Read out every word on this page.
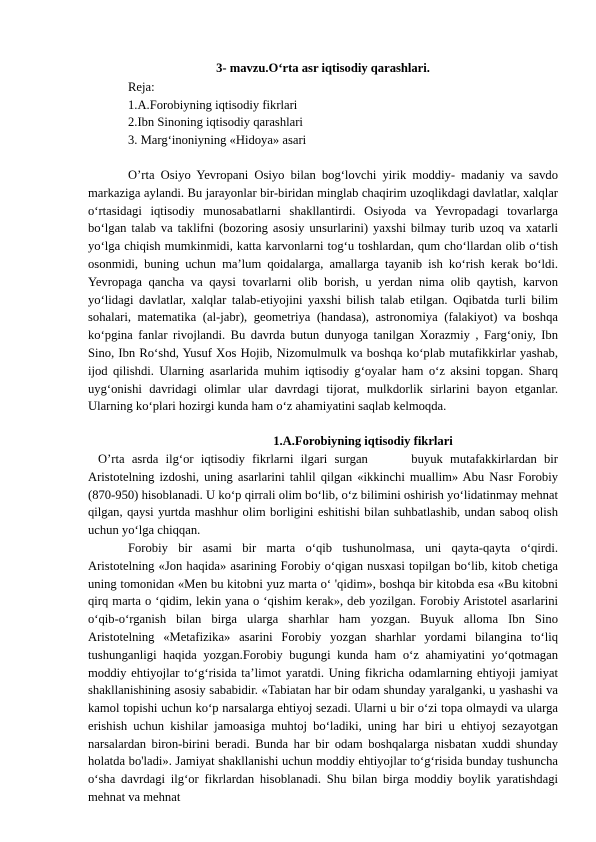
3- mavzu.O‘rta asr iqtisodiy qarashlari.
Reja:
1.A.Forobiyning iqtisodiy fikrlari
2.Ibn Sinoning iqtisodiy qarashlari
3. Marg‘inoniyning «Hidoya» asari

O’rta Osiyo Yevropani Osiyo bilan bog‘lovchi yirik moddiy- madaniy va savdo markaziga aylandi. Bu jarayonlar bir-biridan minglab chaqirim uzoqlikdagi davlatlar, xalqlar o‘rtasidagi iqtisodiy munosabatlarni shakllantirdi. Osiyoda va Yevropadagi tovarlarga bo‘lgan talab va taklifni (bozoring asosiy unsurlarini) yaxshi bilmay turib uzoq va xatarli yo‘lga chiqish mumkinmidi, katta karvonlarni tog‘u toshlardan, qum cho‘llardan olib o‘tish osonmidi, buning uchun ma’lum qoidalarga, amallarga tayanib ish ko‘rish kerak bo‘ldi. Yevropaga qancha va qaysi tovarlarni olib borish, u yerdan nima olib qaytish, karvon yo‘lidagi davlatlar, xalqlar talab-etiyojini yaxshi bilish talab etilgan. Oqibatda turli bilim sohalari, matematika (al-jabr), geometriya (handasa), astronomiya (falakiyot) va boshqa ko‘pgina fanlar rivojlandi. Bu davrda butun dunyoga tanilgan Xorazmiy , Farg‘oniy, Ibn Sino, Ibn Ro‘shd, Yusuf Xos Hojib, Nizomulmulk va boshqa ko‘plab mutafikkirlar yashab, ijod qilishdi. Ularning asarlarida muhim iqtisodiy g‘oyalar ham o‘z aksini topgan. Sharq uyg‘onishi davridagi olimlar ular davrdagi tijorat, mulkdorlik sirlarini bayon etganlar. Ularning ko‘plari hozirgi kunda ham o‘z ahamiyatini saqlab kelmoqda.

1.A.Forobiyning iqtisodiy fikrlari

O’rta asrda ilg‘or iqtisodiy fikrlarni ilgari surgan      buyuk mutafakkirlardan bir Aristotelning izdoshi, uning asarlarini tahlil qilgan «ikkinchi muallim» Abu Nasr Forobiy (870-950) hisoblanadi. U ko‘p qirrali olim bo‘lib, o‘z bilimini oshirish yo‘lidatinmay mehnat qilgan, qaysi yurtda mashhur olim borligini eshitishi bilan suhbatlashib, undan saboq olish uchun yo‘lga chiqqan.

Forobiy bir asami bir marta o‘qib tushunolmasa, uni qayta-qayta o‘qirdi. Aristotelning «Jon haqida» asarining Forobiy o‘qigan nusxasi topilgan bo‘lib, kitob chetiga uning tomonidan «Men bu kitobni yuz marta o‘ 'qidim», boshqa bir kitobda esa «Bu kitobni qirq marta o ‘qidim, lekin yana o ‘qishim kerak», deb yozilgan. Forobiy Aristotel asarlarini o‘qib-o‘rganish bilan birga ularga sharhlar ham yozgan. Buyuk alloma Ibn Sino Aristotelning «Metafizika» asarini Forobiy yozgan sharhlar yordami bilangina to‘liq tushunganligi haqida yozgan.Forobiy bugungi kunda ham o‘z ahamiyatini yo‘qotmagan moddiy ehtiyojlar to‘g‘risida ta’limot yaratdi. Uning fikricha odamlarning ehtiyoji jamiyat shakllanishining asosiy sababidir. «Tabiatan har bir odam shunday yaralganki, u yashashi va kamol topishi uchun ko‘p narsalarga ehtiyoj sezadi. Ularni u bir o‘zi topa olmaydi va ularga erishish uchun kishilar jamoasiga muhtoj bo‘ladiki, uning har biri u ehtiyoj sezayotgan narsalardan biron-birini beradi. Bunda har bir odam boshqalarga nisbatan xuddi shunday holatda bo'ladi». Jamiyat shakllanishi uchun moddiy ehtiyojlar to‘g‘risida bunday tushuncha o‘sha davrdagi ilg‘or fikrlardan hisoblanadi. Shu bilan birga moddiy boylik yaratishdagi mehnat va mehnat
